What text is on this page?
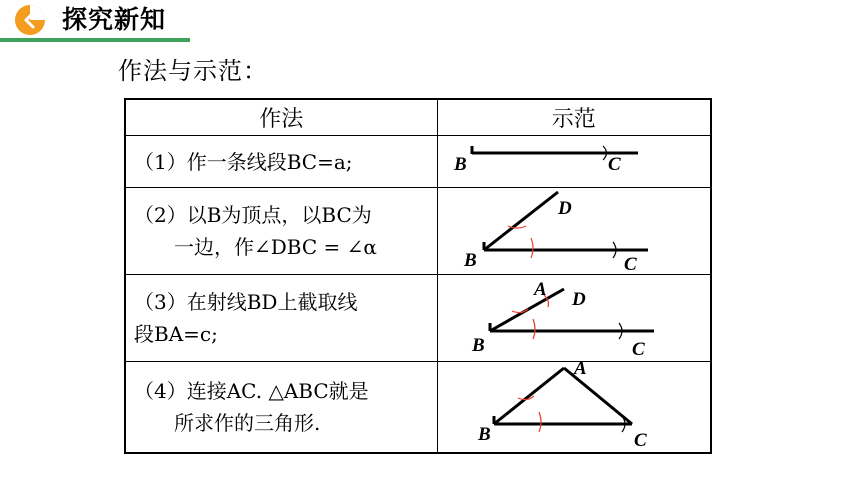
探究新知
作法与示范：
作法	示范

（1）作一条线段BC=a;	B C

（2）以B为顶点，以BC为
一边，作∠DBC = ∠α	D
B C

（3）在射线BD上截取线
段BA=c;	A D
B C

（4）连接AC. △ABC就是
所求作的三角形.	A
B C
